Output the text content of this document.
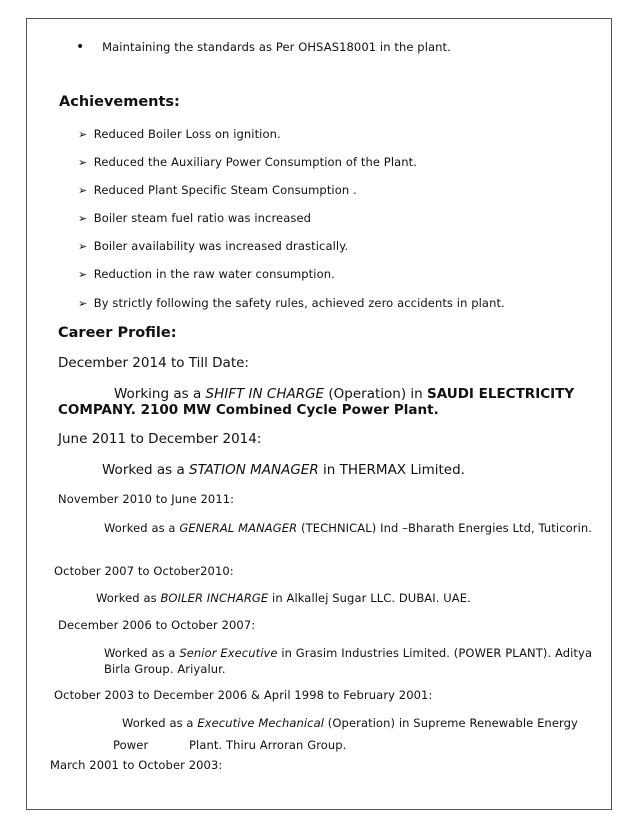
• Maintaining the standards as Per OHSAS18001 in the plant.
Achievements:
➢ Reduced Boiler Loss on ignition.
➢ Reduced the Auxiliary Power Consumption of the Plant.
➢ Reduced Plant Specific Steam Consumption .
➢ Boiler steam fuel ratio was increased
➢ Boiler availability was increased drastically.
➢ Reduction in the raw water consumption.
➢ By strictly following the safety rules, achieved zero accidents in plant.
Career Profile:
December 2014 to Till Date:
Working as a SHIFT IN CHARGE (Operation) in SAUDI ELECTRICITY
COMPANY. 2100 MW Combined Cycle Power Plant.
June 2011 to December 2014:
Worked as a STATION MANAGER in THERMAX Limited.
November 2010 to June 2011:
Worked as a GENERAL MANAGER (TECHNICAL) Ind –Bharath Energies Ltd, Tuticorin.
October 2007 to October2010:
Worked as BOILER INCHARGE in Alkallej Sugar LLC. DUBAI. UAE.
December 2006 to October 2007:
Worked as a Senior Executive in Grasim Industries Limited. (POWER PLANT). Aditya
Birla Group. Ariyalur.
October 2003 to December 2006 & April 1998 to February 2001:
Worked as a Executive Mechanical (Operation) in Supreme Renewable Energy
Power	Plant. Thiru Arroran Group.
March 2001 to October 2003:
